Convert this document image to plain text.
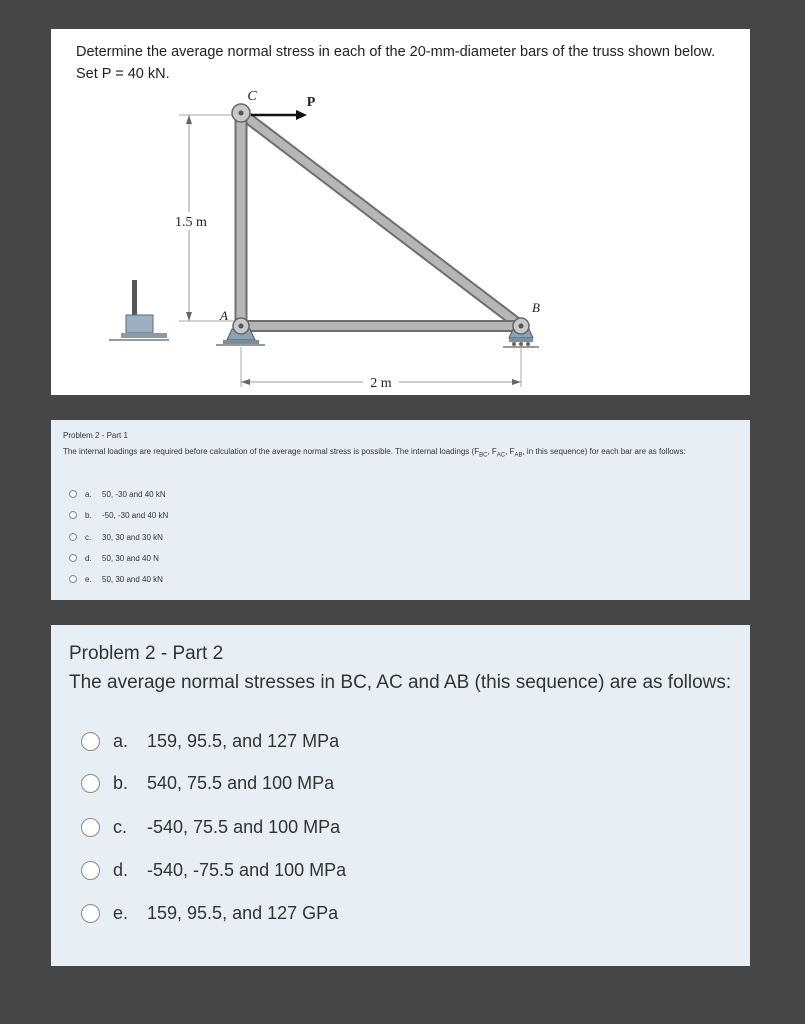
Determine the average normal stress in each of the 20-mm-diameter bars of the truss shown below. Set P = 40 kN.
1.5 m
2 m
C	P
A
B
Problem 2 - Part 1
The internal loadings are required before calculation of the average normal stress is possible. The internal loadings ($F_{BC}$, $F_{AC}$, $F_{AB}$, in this sequence) for each bar are as follows:
a.	50, -30 and 40 kN
b.	-50, -30 and 40 kN
c.	30, 30 and 30 kN
d.	50, 30 and 40 N
e.	50, 30 and 40 kN
Problem 2 - Part 2
The average normal stresses in BC, AC and AB (this sequence) are as follows:
a.	159, 95.5, and 127 MPa
b.	540, 75.5 and 100 MPa
c.	-540, 75.5 and 100 MPa
d.	-540, -75.5 and 100 MPa
e.	159, 95.5, and 127 GPa
